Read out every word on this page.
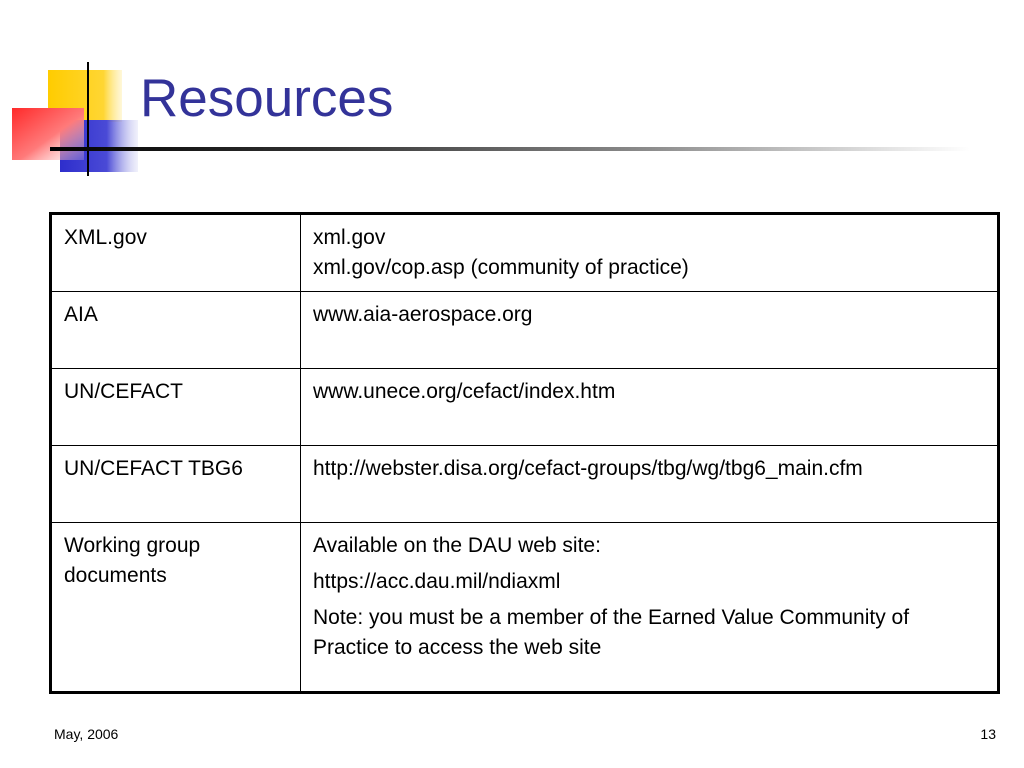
Resources
XML.gov	xml.gov
xml.gov/cop.asp (community of practice)

AIA	www.aia-aerospace.org

UN/CEFACT	www.unece.org/cefact/index.htm

UN/CEFACT TBG6	http://webster.disa.org/cefact-groups/tbg/wg/tbg6_main.cfm

Working group documents	Available on the DAU web site:
https://acc.dau.mil/ndiaxml
Note: you must be a member of the Earned Value Community of Practice to access the web site
May, 2006	13
